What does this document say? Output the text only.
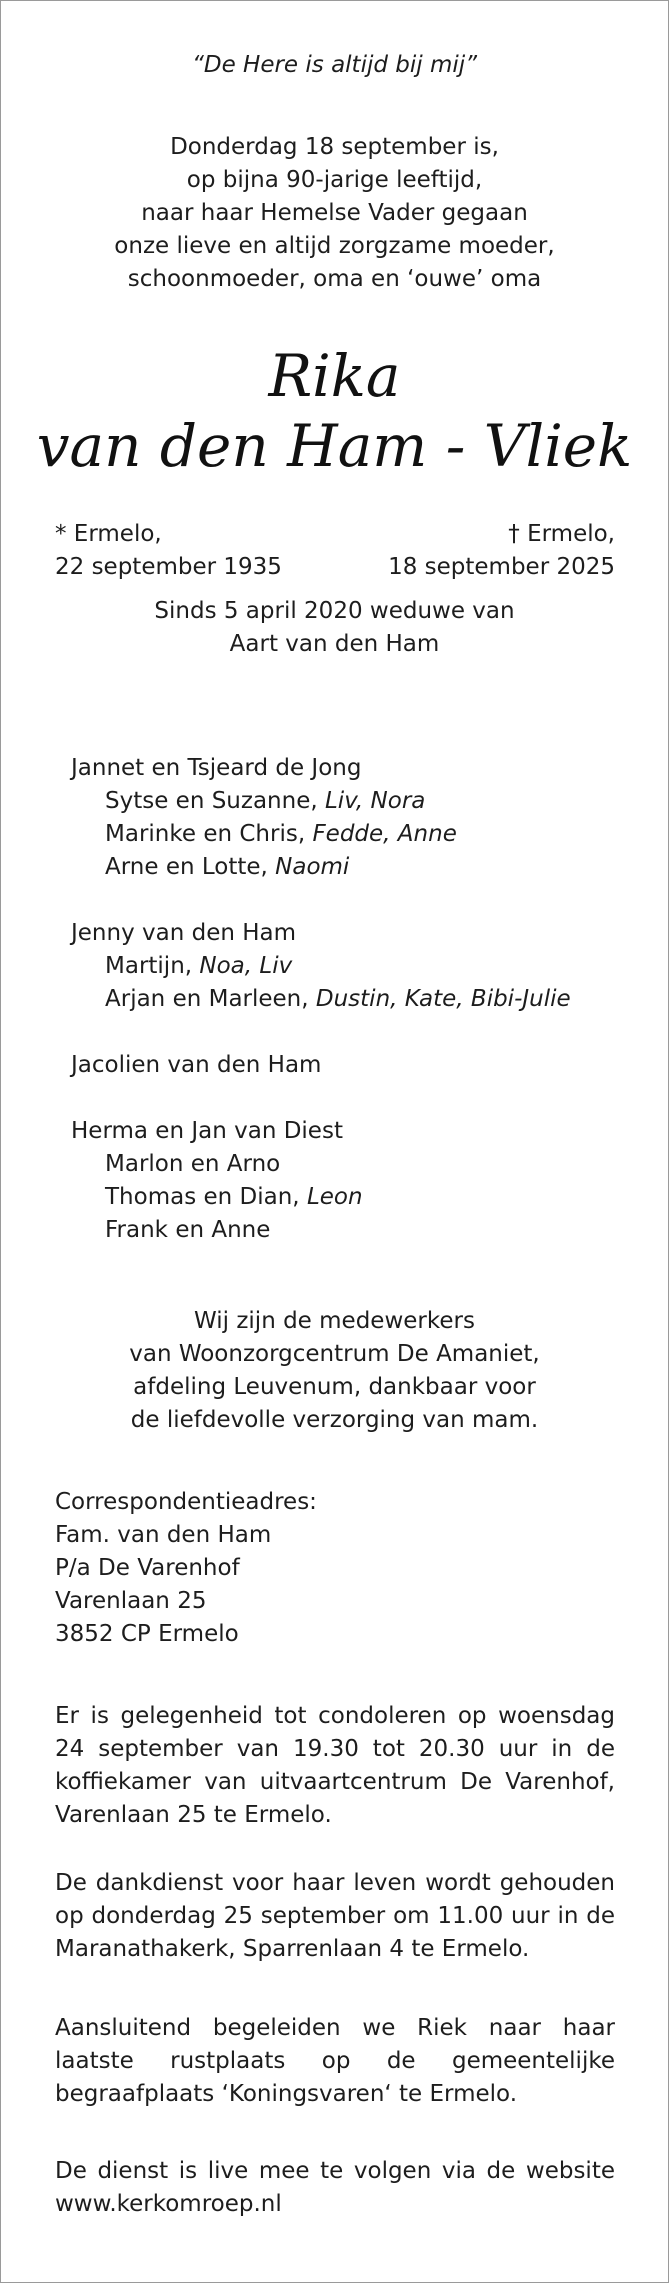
“De Here is altijd bij mij”
Donderdag 18 september is,
op bijna 90-jarige leeftijd,
naar haar Hemelse Vader gegaan
onze lieve en altijd zorgzame moeder,
schoonmoeder, oma en ‘ouwe’ oma
Rika
van den Ham - Vliek
* Ermelo,
22 september 1935
† Ermelo,
18 september 2025
Sinds 5 april 2020 weduwe van
Aart van den Ham
Jannet en Tsjeard de Jong
Sytse en Suzanne, Liv, Nora
Marinke en Chris, Fedde, Anne
Arne en Lotte, Naomi
Jenny van den Ham
Martijn, Noa, Liv
Arjan en Marleen, Dustin, Kate, Bibi-Julie
Jacolien van den Ham
Herma en Jan van Diest
Marlon en Arno
Thomas en Dian, Leon
Frank en Anne
Wij zijn de medewerkers
van Woonzorgcentrum De Amaniet,
afdeling Leuvenum, dankbaar voor
de liefdevolle verzorging van mam.
Correspondentieadres:
Fam. van den Ham
P/a De Varenhof
Varenlaan 25
3852 CP Ermelo
Er is gelegenheid tot condoleren op woensdag 24 september van 19.30 tot 20.30 uur in de koffiekamer van uitvaartcentrum De Varenhof, Varenlaan 25 te Ermelo.
De dankdienst voor haar leven wordt gehouden op donderdag 25 september om 11.00 uur in de Maranathakerk, Sparrenlaan 4 te Ermelo.
Aansluitend begeleiden we Riek naar haar laatste rustplaats op de gemeentelijke begraafplaats ‘Koningsvaren‘ te Ermelo.
De dienst is live mee te volgen via de website www.kerkomroep.nl
